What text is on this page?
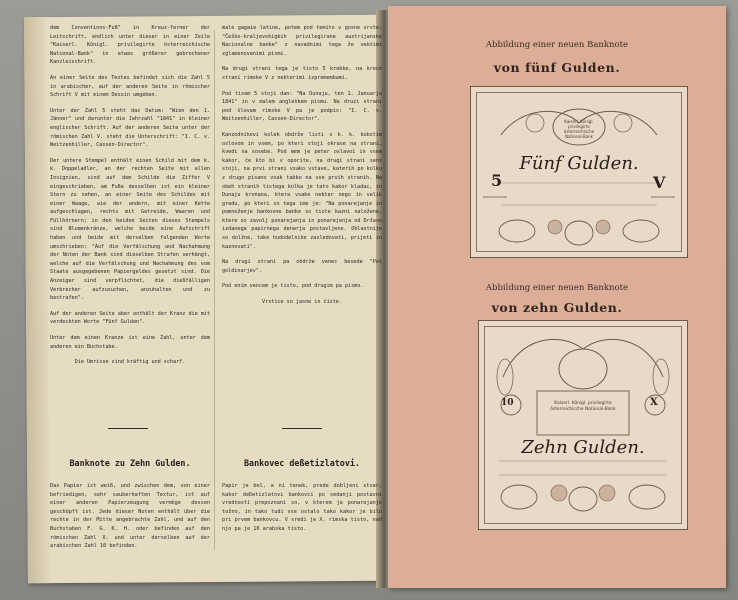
dem Conventions-Fuß" in Kreuz-ferner der Leitschrift, endlich unter dieser in einer Zeile "Kaiserl. Königl. privilegirte österreichische National-Bank" in etwas größerer gebrochener Kanzleischrift.

An einer Seite des Textes befindet sich die Zahl 5 in arabischer, auf der anderen Seite in römischer Schrift V mit einem Dessin umgeben.

Unter der Zahl 5 steht das Datum: "Wien den 1. Jänner" und darunter die Jahrzahl "1841" in kleiner englischer Schrift. Auf der anderen Seite unter der römischen Zahl V. steht die Unterschrift: "I. C. v. Weitzenhiller, Cassen-Director".

Der untere Stempel enthält einen Schild mit dem k. k. Doppeladler, an der rechten Seite mit allen Insignien, sind auf dem Schilde die Ziffer V eingeschrieben, am Fuße desselben ist ein kleiner Stern zu sehen, an einer Seite des Schildes mit einer Waage, wie der andern, mit einer Kette aufgeschlagen, rechts mit Getreide, Waaren und Füllhörnern; in den beiden Seiten dieses Stempels sind Blumenkränze, welche beide eine Aufschrift haben und beide mit derselben folgenden Worte umschrieben: "Auf die Verfälschung und Nachahmung der Noten der Bank sind dieselben Strafen verhängt, welche auf die Verfälschung und Nachahmung des vom Staate ausgegebenen Papiergeldes gesetzt sind. Die Anzeiger sind verpflichtet, die dießfälligen Verbrecher aufzusuchen, anzuhalten und zu bestrafen".

Auf der anderen Seite aber enthält der Kranz die mit verdeckten Worte "Fünf Gulden".

Unter dem einen Kranze ist eine Zahl, unter dem anderen ein Buchstabe.

Die Umrisse sind kräftig und scharf.

male gagaie latine, potem pod temito v gosne vrste: "Češko-kraljevskigbih privilegirane austrijanske Nacionalne banke" z navadnimi tega že vekšimi zglamenovanimi pismi.

Na drugi strani tega je tisto 5 krebke, na kreće strani rimske V z nekterimi izpremembami.

Pod tisem 5 stoji dan: "Na Dunaju, ten 1. Januarja 1841" in v malem angleškem pismu. Na druzi strani pod šlovam rimske V pa je podpis: "I. C. v. Weitzenhiller, Cassen-Director".

Kanzodnikovi kolek obdrže listi s k. k. kobstim oslovom in vsem, po kteri stoji okrase na strani, kvedi na sosebe. Pod mem je peter oslavoi in vsem kakor, če kto bi v oporite, na drugi strani seni stoji, na prvi strani vsako vstave, katerih po kolku z drugo pisano vsak tabko na vse prvih stranih. Na obeh stranih tistega kolka je tato kakor kladac, in Dunaju kronana, ktera vsake nekter nego in velik gradu, po kteri so tega ime je: "Na ponarejanje in pomnoženje bankovne banke so tiste kazni naložene, ktere so zavolj ponarejanja in ponarejenja od Države izdanega papirnega denarja postavljene. Oblastnije so dolžne, take hudodelnike zasledovati, prijeti in kaznovati".

Na drugi strani pa obdrže venec besede "Pet goldinarjev".

Pod enim vencem je tisto, pod drugim pa pismo.

Vrstice so jasne in čiste.

Banknote zu Zehn Gulden.	Bankovec deßetizlatovi.

Das Papier ist weiß, und zwischen dem, von einer befriedigen, sehr sauberhaften Textur, ist auf einer anderen Papierzeugung vermöge dessen geschöpft ist. Jede dieser Noten enthält über die rechte in der Mitte angebrachte Zahl, und auf den Buchstaben F. G. K. H. oder befinden auf den römischen Zahl X. und unter derselben auf der arabischen Zahl 10 befinden.

Papir je bel, a ni tenek, prede dobljeni stvar, kakor deßetizlatovi bankovci po sedanji postavni vrednosti prepoznani so, v kterem je ponarejanje tožno, in tako tudi vse ostalo tako kakor je bilo pri prvem bankovcu. V sredi je X. rimska tisto, nad njo pa je 10 arabska tisto.

Abbildung einer neuen Banknote
von fünf Gulden.
Kaiserl. Königl. privilegirte österreichische National-Bank
Fünf Gulden.
5	V
Abbildung einer neuen Banknote
von zehn Gulden.
Kaiserl. Königl. privilegirte österreichische National-Bank
Zehn Gulden.
10	X
